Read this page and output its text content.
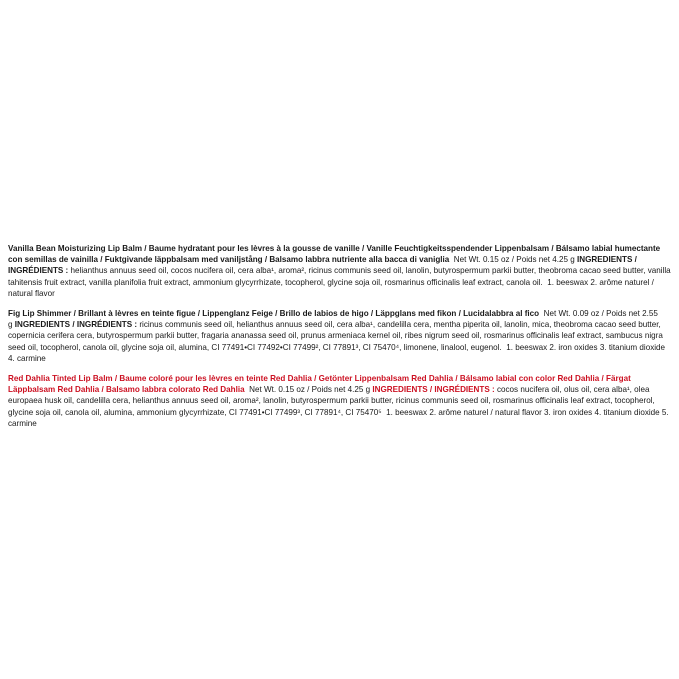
Vanilla Bean Moisturizing Lip Balm / Baume hydratant pour les lèvres à la gousse de vanille / Vanille Feuchtigkeitsspendender Lippenbalsam / Bálsamo labial humectante con semillas de vainilla / Fuktgivande läppbalsam med vaniljstång / Balsamo labbra nutriente alla bacca di vaniglia Net Wt. 0.15 oz / Poids net 4.25 g INGREDIENTS / INGRÉDIENTS : helianthus annuus seed oil, cocos nucifera oil, cera alba¹, aroma², ricinus communis seed oil, lanolin, butyrospermum parkii butter, theobroma cacao seed butter, vanilla tahitensis fruit extract, vanilla planifolia fruit extract, ammonium glycyrrhizate, tocopherol, glycine soja oil, rosmarinus officinalis leaf extract, canola oil. 1. beeswax 2. arôme naturel / natural flavor
Fig Lip Shimmer / Brillant à lèvres en teinte figue / Lippenglanz Feige / Brillo de labios de higo / Läppglans med fikon / Lucidalabbra al fico Net Wt. 0.09 oz / Poids net 2.55 g INGREDIENTS / INGRÉDIENTS : ricinus communis seed oil, helianthus annuus seed oil, cera alba¹, candelilla cera, mentha piperita oil, lanolin, mica, theobroma cacao seed butter, copernicia cerifera cera, butyrospermum parkii butter, fragaria ananassa seed oil, prunus armeniaca kernel oil, ribes nigrum seed oil, rosmarinus officinalis leaf extract, sambucus nigra seed oil, tocopherol, canola oil, glycine soja oil, alumina, CI 77491•CI 77492•CI 77499², CI 77891³, CI 75470⁴, limonene, linalool, eugenol. 1. beeswax 2. iron oxides 3. titanium dioxide 4. carmine
Red Dahlia Tinted Lip Balm / Baume coloré pour les lèvres en teinte Red Dahlia / Getönter Lippenbalsam Red Dahlia / Bálsamo labial con color Red Dahlia / Färgat Läppbalsam Red Dahlia / Balsamo labbra colorato Red Dahlia Net Wt. 0.15 oz / Poids net 4.25 g INGREDIENTS / INGRÉDIENTS : cocos nucifera oil, olus oil, cera alba¹, olea europaea husk oil, candelilla cera, helianthus annuus seed oil, aroma², lanolin, butyrospermum parkii butter, ricinus communis seed oil, rosmarinus officinalis leaf extract, tocopherol, glycine soja oil, canola oil, alumina, ammonium glycyrrhizate, CI 77491•CI 77499³, CI 77891⁴, CI 75470⁵ 1. beeswax 2. arôme naturel / natural flavor 3. iron oxides 4. titanium dioxide 5. carmine
